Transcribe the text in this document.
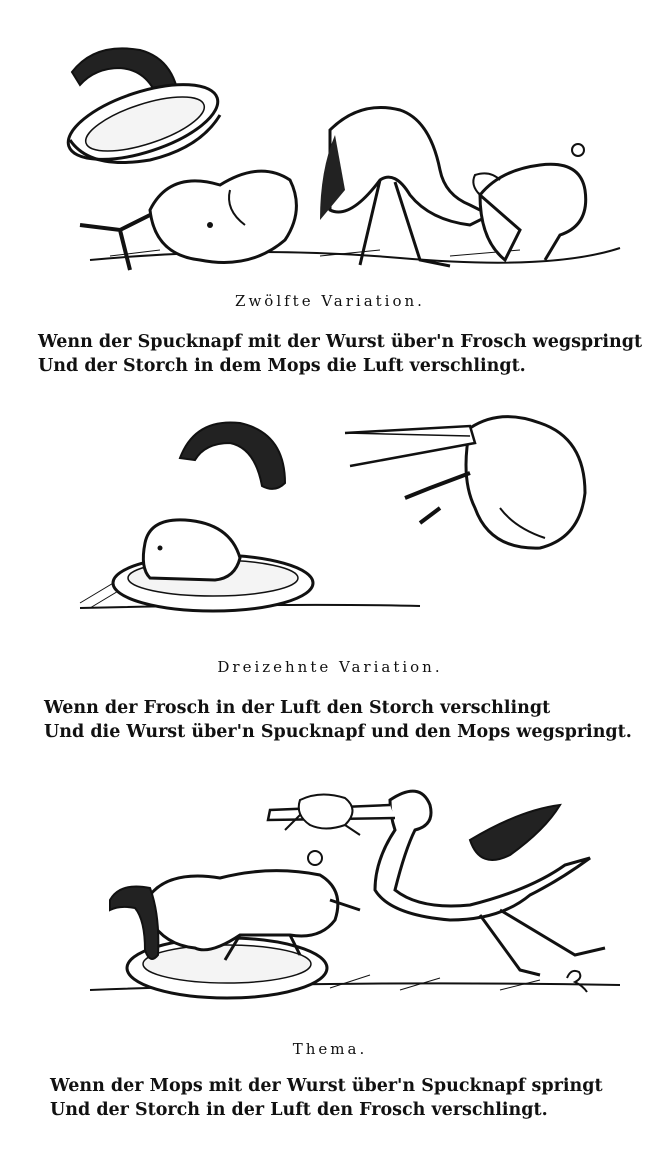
Zwölfte Variation.
Wenn der Spucknapf mit der Wurst über'n Frosch wegspringt
Und der Storch in dem Mops die Luft verschlingt.
Dreizehnte Variation.
Wenn der Frosch in der Luft den Storch verschlingt
Und die Wurst über'n Spucknapf und den Mops wegspringt.
Thema.
Wenn der Mops mit der Wurst über'n Spucknapf springt
Und der Storch in der Luft den Frosch verschlingt.
